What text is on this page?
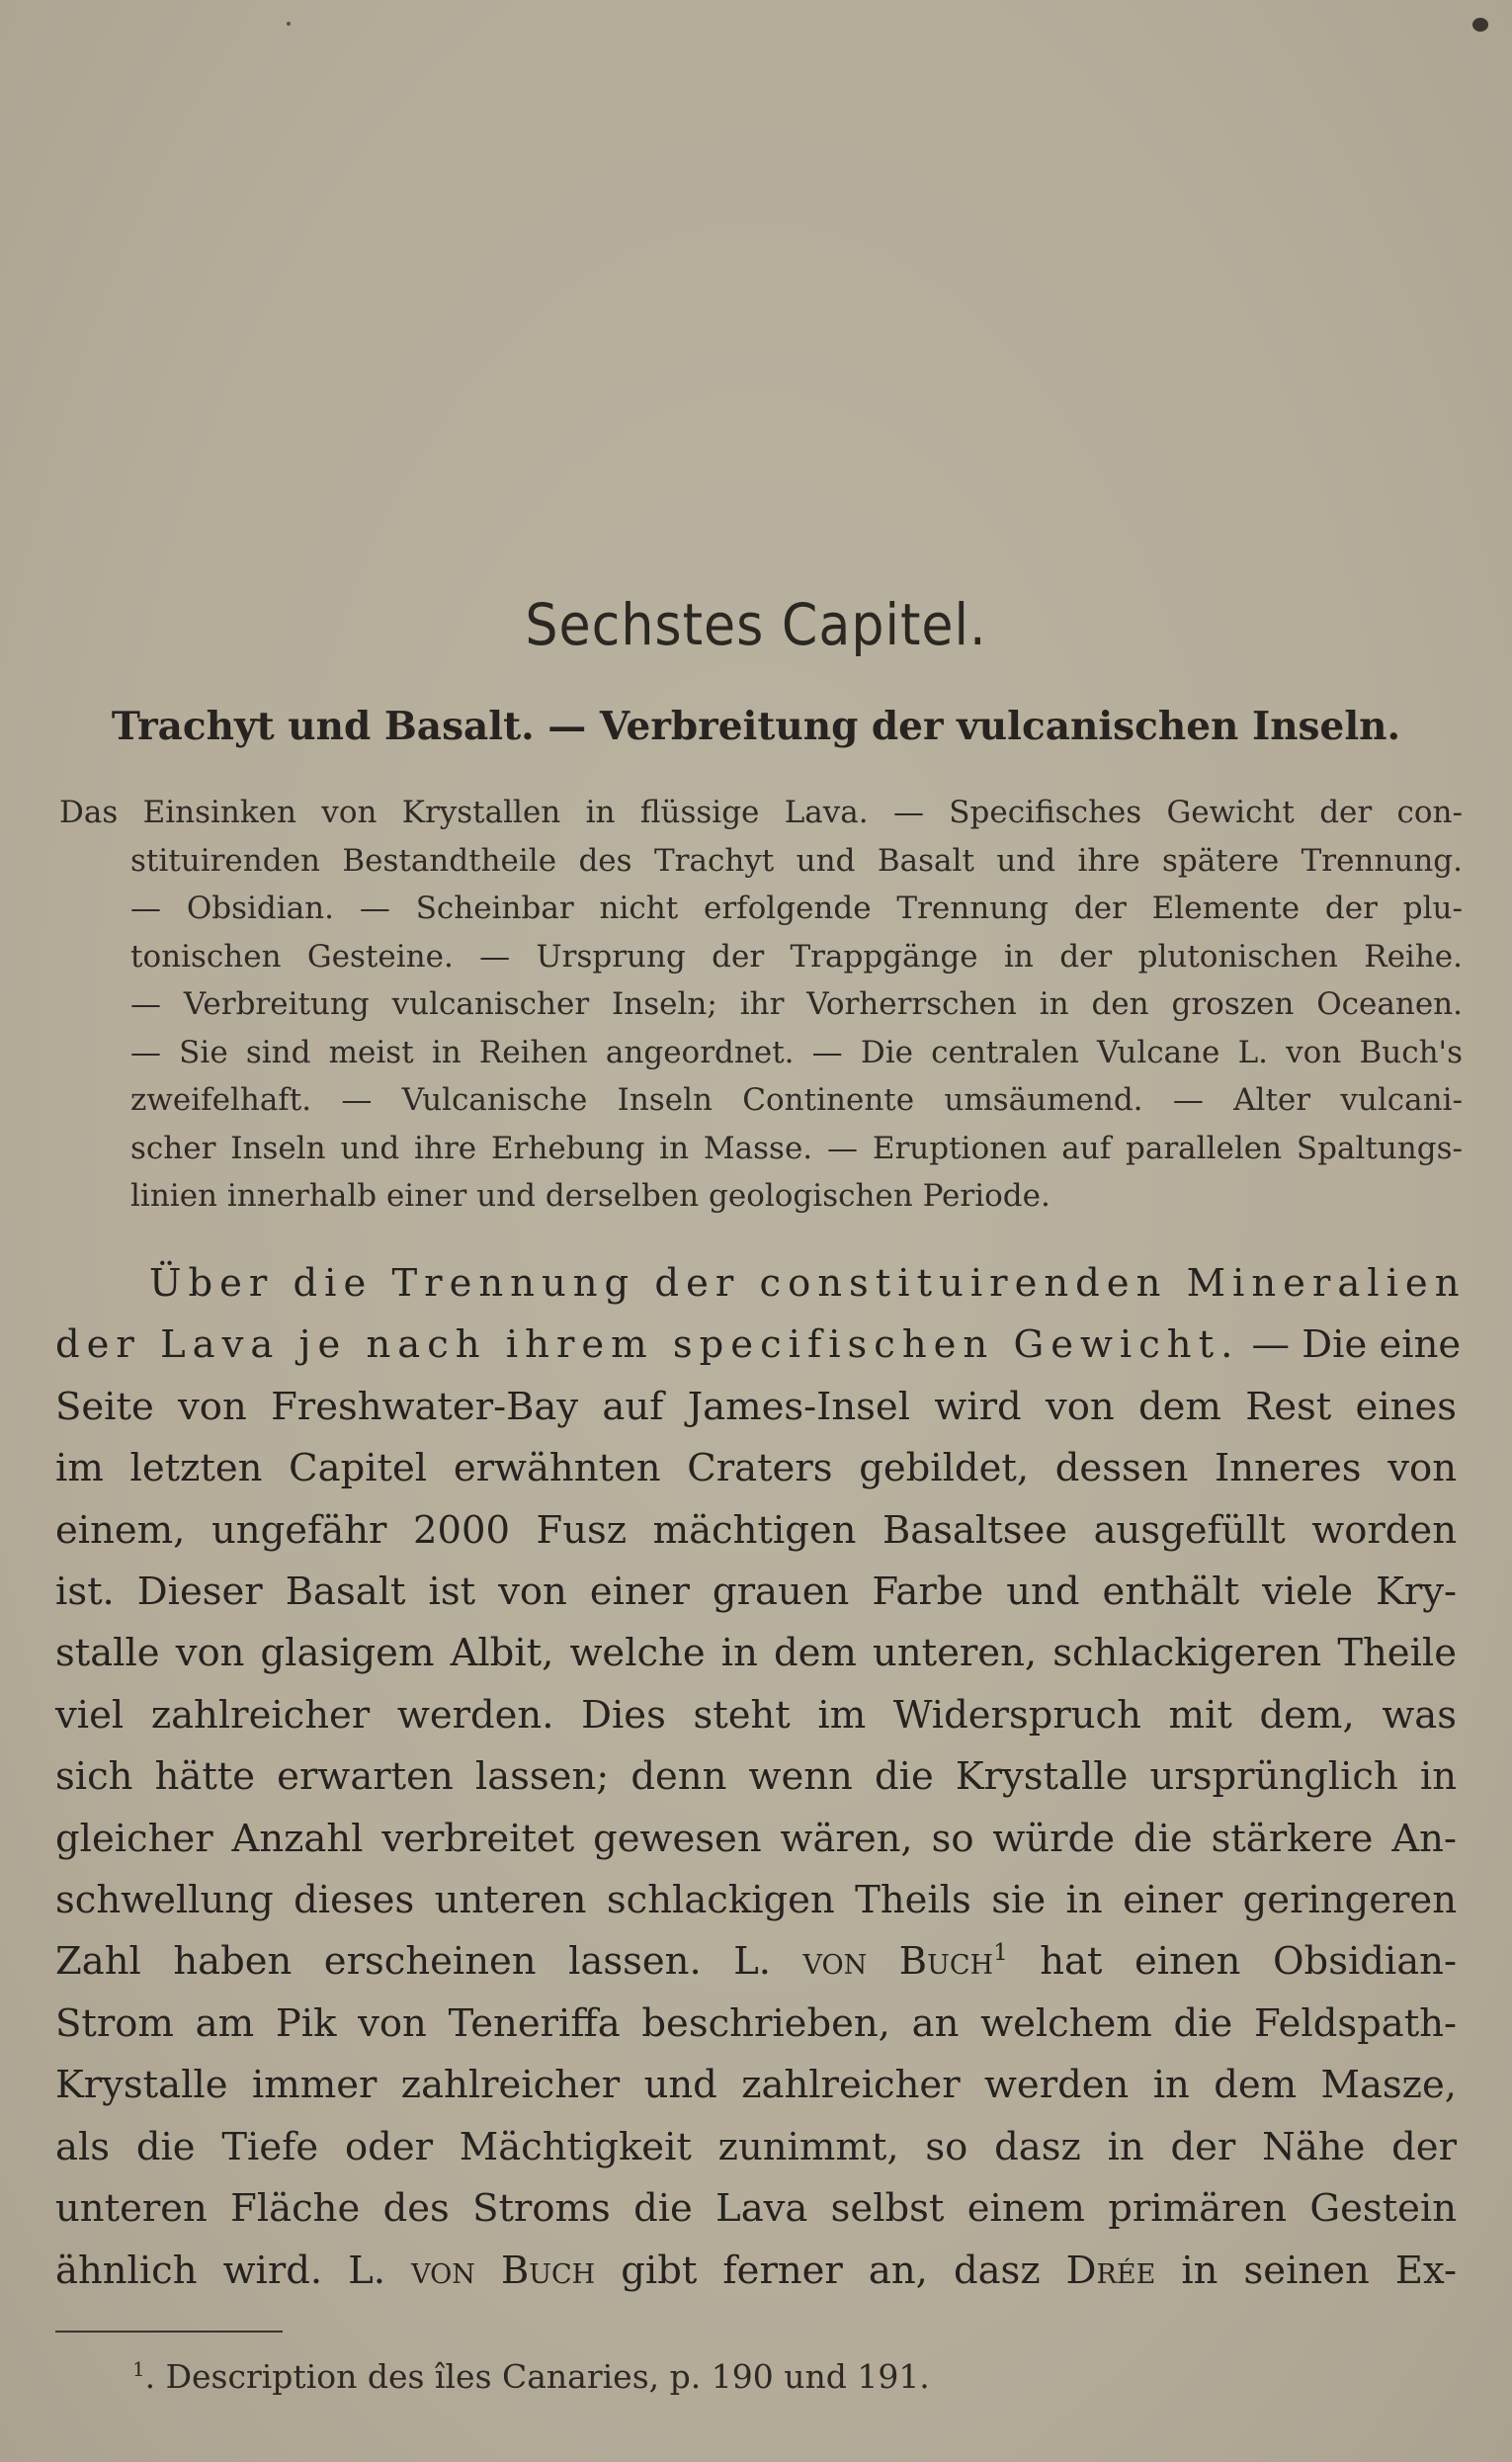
Sechstes Capitel.
Trachyt und Basalt. — Verbreitung der vulcanischen Inseln.
Das Einsinken von Krystallen in flüssige Lava. — Specifisches Gewicht der con-
stituirenden Bestandtheile des Trachyt und Basalt und ihre spätere Trennung.
— Obsidian. — Scheinbar nicht erfolgende Trennung der Elemente der plu-
tonischen Gesteine. — Ursprung der Trappgänge in der plutonischen Reihe.
— Verbreitung vulcanischer Inseln; ihr Vorherrschen in den groszen Oceanen.
— Sie sind meist in Reihen angeordnet. — Die centralen Vulcane L. von Buch's
zweifelhaft. — Vulcanische Inseln Continente umsäumend. — Alter vulcani-
scher Inseln und ihre Erhebung in Masse. — Eruptionen auf parallelen Spaltungs-
linien innerhalb einer und derselben geologischen Periode.
Über die Trennung der constituirenden Mineralien
der Lava je nach ihrem specifischen Gewicht. — Die eine
Seite von Freshwater-Bay auf James-Insel wird von dem Rest eines
im letzten Capitel erwähnten Craters gebildet, dessen Inneres von
einem, ungefähr 2000 Fusz mächtigen Basaltsee ausgefüllt worden
ist. Dieser Basalt ist von einer grauen Farbe und enthält viele Kry-
stalle von glasigem Albit, welche in dem unteren, schlackigeren Theile
viel zahlreicher werden. Dies steht im Widerspruch mit dem, was
sich hätte erwarten lassen; denn wenn die Krystalle ursprünglich in
gleicher Anzahl verbreitet gewesen wären, so würde die stärkere An-
schwellung dieses unteren schlackigen Theils sie in einer geringeren
Zahl haben erscheinen lassen. L. von Buch$^1$ hat einen Obsidian-
Strom am Pik von Teneriffa beschrieben, an welchem die Feldspath-
Krystalle immer zahlreicher und zahlreicher werden in dem Masze,
als die Tiefe oder Mächtigkeit zunimmt, so dasz in der Nähe der
unteren Fläche des Stroms die Lava selbst einem primären Gestein
ähnlich wird. L. von Buch gibt ferner an, dasz Drée in seinen Ex-
$^1$. Description des îles Canaries, p. 190 und 191.
